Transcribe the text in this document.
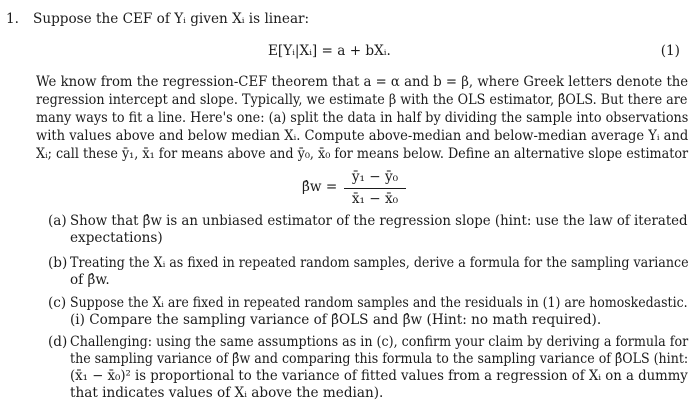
1. Suppose the CEF of Yᵢ given Xᵢ is linear:
E[Yᵢ|Xᵢ] = a + bXᵢ.	(1)
We know from the regression-CEF theorem that a = α and b = β, where Greek letters denote the
regression intercept and slope. Typically, we estimate β with the OLS estimator, β̂OLS. But there are
many ways to fit a line. Here's one: (a) split the data in half by dividing the sample into observations
with values above and below median Xᵢ. Compute above-median and below-median average Yᵢ and
Xᵢ; call these ȳ₁, x̄₁ for means above and ȳ₀, x̄₀ for means below. Define an alternative slope estimator
β̂w =
ȳ₁ − ȳ₀
x̄₁ − x̄₀
(a) Show that β̂w is an unbiased estimator of the regression slope (hint: use the law of iterated
expectations)
(b) Treating the Xᵢ as fixed in repeated random samples, derive a formula for the sampling variance
of β̂w.
(c) Suppose the Xᵢ are fixed in repeated random samples and the residuals in (1) are homoskedastic.
(i) Compare the sampling variance of β̂OLS and β̂w (Hint: no math required).
(d) Challenging: using the same assumptions as in (c), confirm your claim by deriving a formula for
the sampling variance of β̂w and comparing this formula to the sampling variance of β̂OLS (hint:
(x̄₁ − x̄₀)² is proportional to the variance of fitted values from a regression of Xᵢ on a dummy
that indicates values of Xᵢ above the median).
